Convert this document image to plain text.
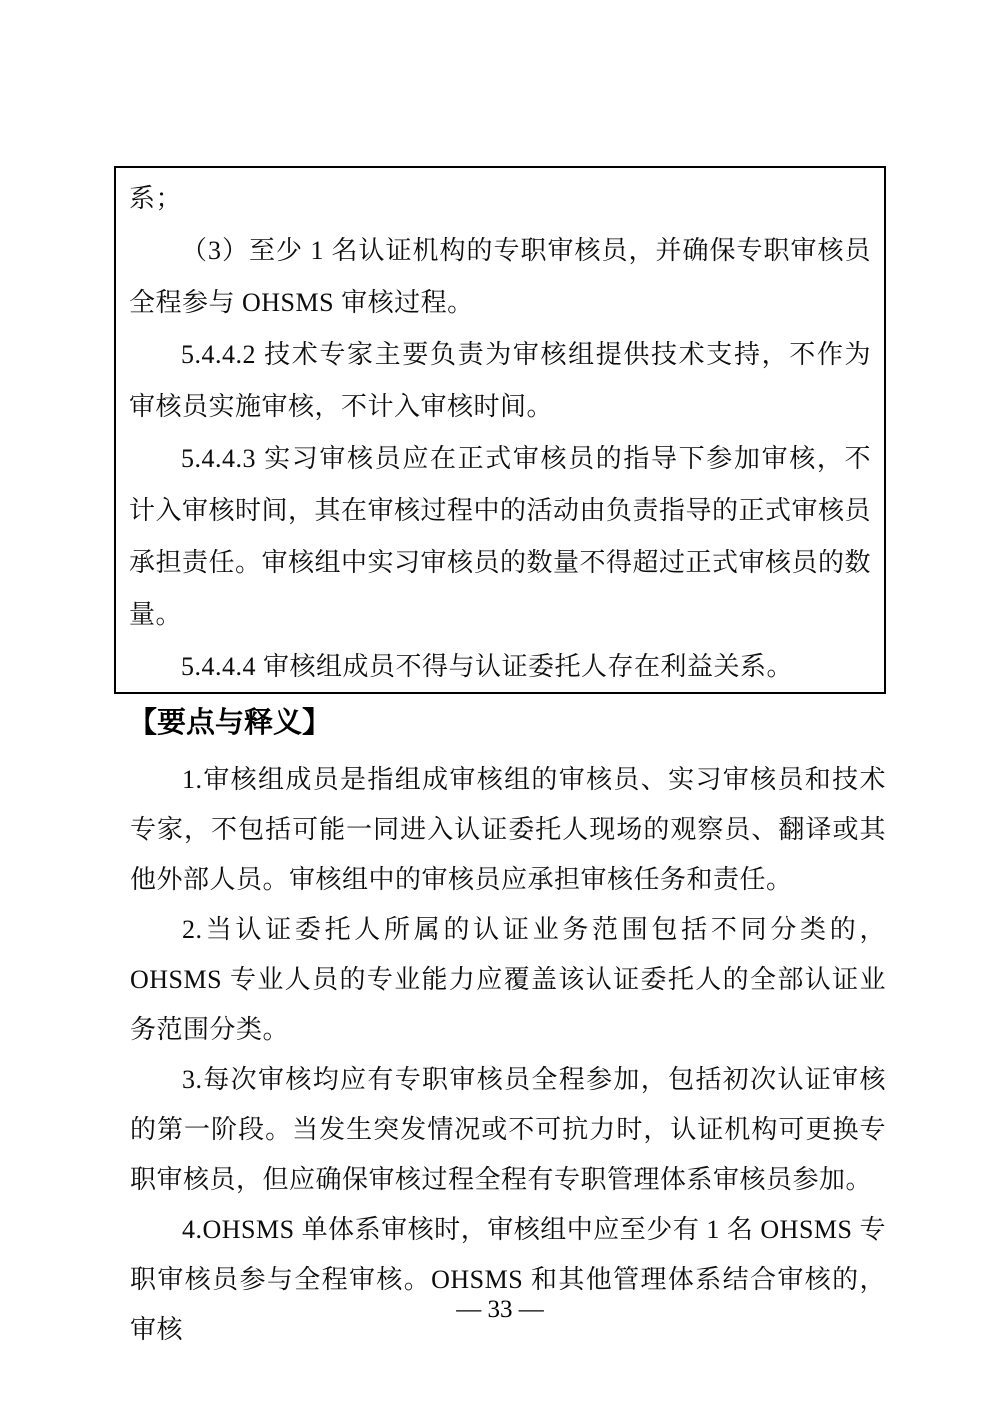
系；

（3）至少 1 名认证机构的专职审核员，并确保专职审核员全程参与 OHSMS 审核过程。

5.4.4.2 技术专家主要负责为审核组提供技术支持，不作为审核员实施审核，不计入审核时间。

5.4.4.3 实习审核员应在正式审核员的指导下参加审核，不计入审核时间，其在审核过程中的活动由负责指导的正式审核员承担责任。审核组中实习审核员的数量不得超过正式审核员的数量。

5.4.4.4 审核组成员不得与认证委托人存在利益关系。

【要点与释义】

1.审核组成员是指组成审核组的审核员、实习审核员和技术专家，不包括可能一同进入认证委托人现场的观察员、翻译或其他外部人员。审核组中的审核员应承担审核任务和责任。

2.当认证委托人所属的认证业务范围包括不同分类的，OHSMS 专业人员的专业能力应覆盖该认证委托人的全部认证业务范围分类。

3.每次审核均应有专职审核员全程参加，包括初次认证审核的第一阶段。当发生突发情况或不可抗力时，认证机构可更换专职审核员，但应确保审核过程全程有专职管理体系审核员参加。

4.OHSMS 单体系审核时，审核组中应至少有 1 名 OHSMS 专职审核员参与全程审核。OHSMS 和其他管理体系结合审核的，审核

— 33 —
